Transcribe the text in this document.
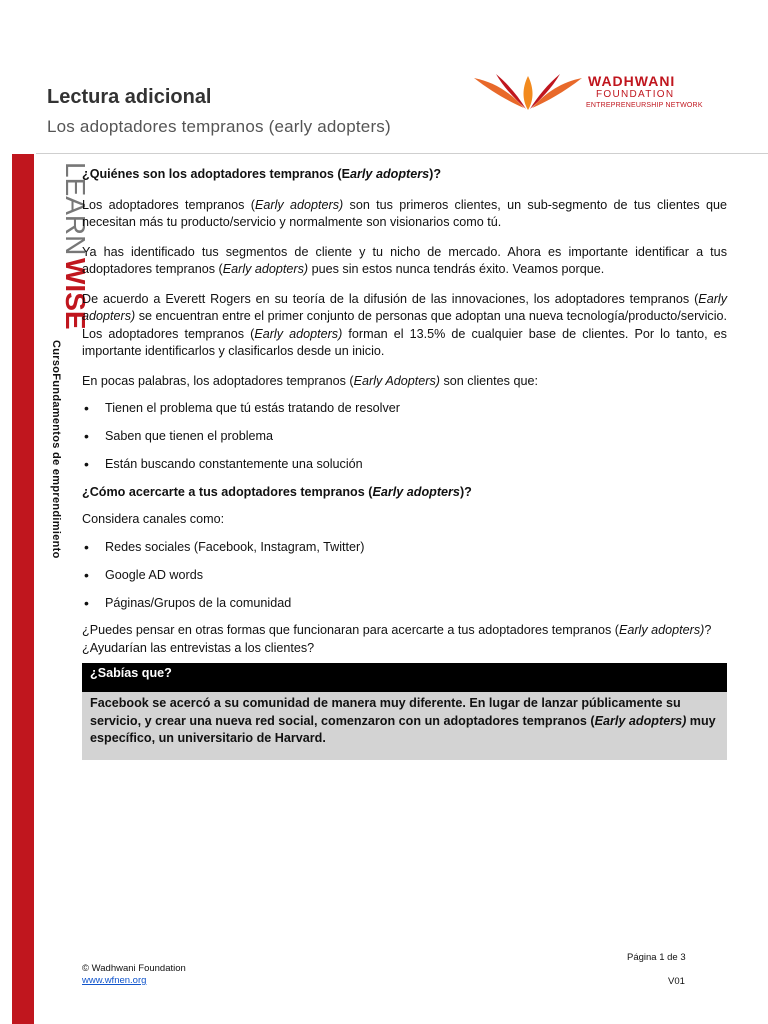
Lectura adicional
Los adoptadores tempranos (early adopters)
WADHWANI
FOUNDATION
ENTREPRENEURSHIP NETWORK
LEARN
WISE
CursoFundamentos de emprendimiento

¿Quiénes son los adoptadores tempranos (Early adopters)?

Los adoptadores tempranos (Early adopters) son tus primeros clientes, un sub-segmento de tus clientes que necesitan más tu producto/servicio y normalmente son visionarios como tú.

Ya has identificado tus segmentos de cliente y tu nicho de mercado. Ahora es importante identificar a tus adoptadores tempranos (Early adopters) pues sin estos nunca tendrás éxito. Veamos porque.

De acuerdo a Everett Rogers en su teoría de la difusión de las innovaciones, los adoptadores tempranos (Early adopters) se encuentran entre el primer conjunto de personas que adoptan una nueva tecnología/producto/servicio. Los adoptadores tempranos (Early adopters) forman el 13.5% de cualquier base de clientes. Por lo tanto, es importante identificarlos y clasificarlos desde un inicio.

En pocas palabras, los adoptadores tempranos (Early Adopters) son clientes que:

• Tienen el problema que tú estás tratando de resolver
• Saben que tienen el problema
• Están buscando constantemente una solución

¿Cómo acercarte a tus adoptadores tempranos (Early adopters)?

Considera canales como:

• Redes sociales (Facebook, Instagram, Twitter)
• Google AD words
• Páginas/Grupos de la comunidad

¿Puedes pensar en otras formas que funcionaran para acercarte a tus adoptadores tempranos (Early adopters)? ¿Ayudarían las entrevistas a los clientes?

¿Sabías que?
Facebook se acercó a su comunidad de manera muy diferente. En lugar de lanzar públicamente su servicio, y crear una nueva red social, comenzaron con un adoptadores tempranos (Early adopters) muy específico, un universitario de Harvard.
© Wadhwani Foundation
www.wfnen.org
Página 1 de 3
V01
